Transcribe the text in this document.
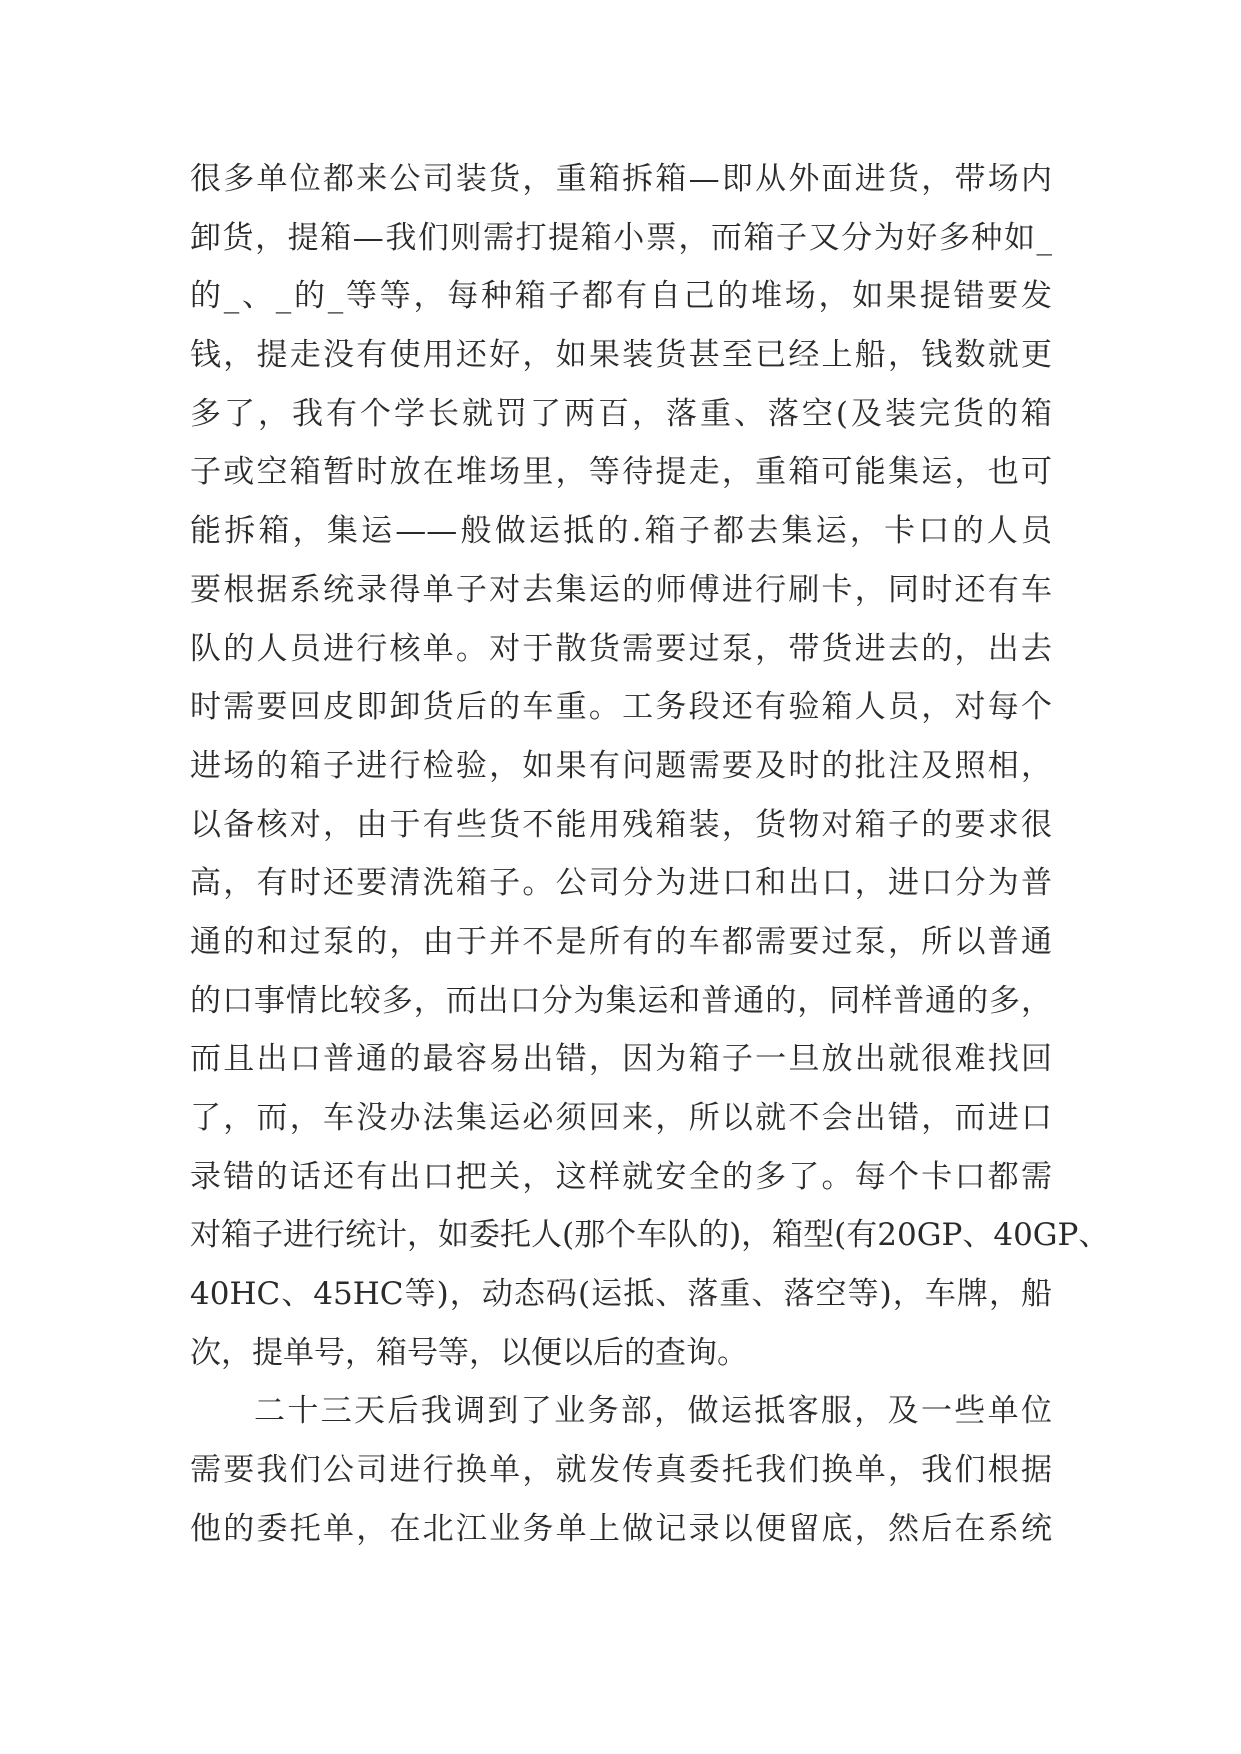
很多单位都来公司装货，重箱拆箱—即从外面进货，带场内
卸货，提箱—我们则需打提箱小票，而箱子又分为好多种如_
的_、_的_等等，每种箱子都有自己的堆场，如果提错要发
钱，提走没有使用还好，如果装货甚至已经上船，钱数就更
多了，我有个学长就罚了两百，落重、落空(及装完货的箱
子或空箱暂时放在堆场里，等待提走，重箱可能集运，也可
能拆箱，集运——般做运抵的.箱子都去集运，卡口的人员
要根据系统录得单子对去集运的师傅进行刷卡，同时还有车
队的人员进行核单。对于散货需要过泵，带货进去的，出去
时需要回皮即卸货后的车重。工务段还有验箱人员，对每个
进场的箱子进行检验，如果有问题需要及时的批注及照相，
以备核对，由于有些货不能用残箱装，货物对箱子的要求很
高，有时还要清洗箱子。公司分为进口和出口，进口分为普
通的和过泵的，由于并不是所有的车都需要过泵，所以普通
的口事情比较多，而出口分为集运和普通的，同样普通的多，
而且出口普通的最容易出错，因为箱子一旦放出就很难找回
了，而，车没办法集运必须回来，所以就不会出错，而进口
录错的话还有出口把关，这样就安全的多了。每个卡口都需
对箱子进行统计，如委托人(那个车队的)，箱型(有20GP、40GP、
40HC、45HC等)，动态码(运抵、落重、落空等)，车牌，船
次，提单号，箱号等，以便以后的查询。
二十三天后我调到了业务部，做运抵客服，及一些单位
需要我们公司进行换单，就发传真委托我们换单，我们根据
他的委托单，在北江业务单上做记录以便留底，然后在系统
